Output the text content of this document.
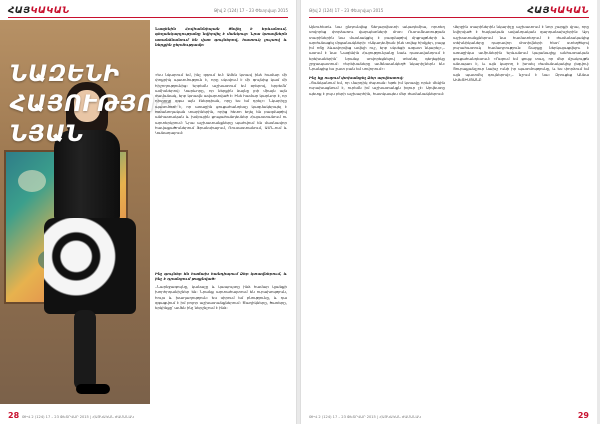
ՀԱՅԿԱԿԱՆ	Թիվ 2 (124) 17 – 23 Փետրվար 2015
ՆԱԶԵՆԻ
ՀԱՅՈՒԹՅՈՒ-
ՆՅԱՆ
Նազենին Հովհաննիսյան ծնվել է Երևանում, գեղանկարչությանը նվիրվել է մանկուց։ Նրա կտավներն առանձնանում են վառ գույներով, հատուկ լույսով և ներքին ջերմությամբ։
«Ես նկարում եմ, ինչ զգում եմ։ Ամեն կտավ ինձ համար մի փոքրիկ պատմություն է, որը սկսվում է մի գույնից կամ մի հիշողությունից։ Երբեմն աշխատում եմ օրերով, երբեմն՝ ամիսներով։ Կարևորը, որ ներքին ձայնը լռի միայն այն ժամանակ, երբ կտավն ավարտված է։ Ինձ համար կարևոր է, որ դիտողը զգա այն էներգիան, որը ես եմ դրել»։ Նկարիչը պատմում է, որ առաջին ցուցահանդեսը կազմակերպել է ուսանողական տարիներին, որից հետո եղել են բազմաթիվ անհատական և խմբային ցուցահանդեսներ Հայաստանում ու արտերկրում։ Նրա աշխատանքները պահվում են մասնավոր հավաքածուներում Ֆրանսիայում, Ռուսաստանում, ԱՄՆ-ում և Կանադայում։
Ինչ գույներ են հաճախ հանդիպում Ձեր կտավներում, և ինչ է դրանցում թաքնված։
–Նարնջագույնը, կանաչը և կապույտը ինձ համար կյանքի խորհրդանիշներ են։ Նրանք արտահայտում են ուրախություն, հույս և խաղաղություն։ Ես սիրում եմ բնությունը, և դա զգացվում է իմ բոլոր աշխատանքներում։ Ծաղիկները, ծառերը, երկինքը՝ ամեն ինչ ներշնչում է ինձ։
28 ԹԻՎ 2 (124) 17 – 23 ՓԵՏՐՎԱՐ 2015 | ՀԱՅԿԱԿԱՆ ԺԱՄԱՆԱԿ
Թիվ 2 (124) 17 – 23 Փետրվար 2015	ՀԱՅԿԱԿԱՆ
Այնուհետև նա ընդունվեց Գեղարվեստի ակադեմիա, որտեղ սովորեց փորձառու վարպետների մոտ։ Ուսումնառության տարիներին նա մասնակցել է բազմաթիվ մրցույթների և արժանացել մրցանակների։ «Ակադեմիան ինձ տվեց հիմքեր, բայց իմ ոճը ձևավորվեց ավելի ուշ, երբ սկսեցի ազատ նկարել»,– ասում է նա։ Նազենին Հայությունյանը նաև դասավանդում է երեխաներին՝ նրանց սովորեցնելով տեսնել գեղեցիկը շրջապատում։ «Երեխաները ամենաանկեղծ նկարիչներն են։ Նրանցից ես շատ բան եմ սովորում»։
Ինչ եք ուզում փոխանցել Ձեր արվեստով։
–Ցանկանում եմ, որ մարդիկ ժպտան։ Եթե իմ կտավը որևէ մեկին ուրախացնում է, ուրեմն իմ աշխատանքն իզուր չէ։ Արվեստը պետք է լույս բերի աշխարհին, հատկապես մեր ժամանակներում։
Վերջին տարիներին նկարիչը աշխատում է նոր շարքի վրա, որը նվիրված է հայկական ավանդական զարդանախշերին։ Այդ աշխատանքներում նա համատեղում է ժամանակակից տեխնիկաները դարավոր մոտիվների հետ՝ ստեղծելով յուրահատուկ համադրություն։ Շարքը ներկայացվելու է առաջիկա ամիսներին Երևանում կայանալիք անհատական ցուցահանդեսում։ «Ուզում եմ ցույց տալ, որ մեր մշակույթն անսպառ է, և այն կարող է խոսել ժամանակակից լեզվով։ Յուրաքանչյուր նախշ ունի իր պատմությունը, և ես փորձում եմ այն պատմել գույներով»,– նշում է նա։ Զրուցեց Աննա ԱՎԵՏԻՍՅԱՆԸ
ԹԻՎ 2 (124) 17 – 23 ՓԵՏՐՎԱՐ 2015 | ՀԱՅԿԱԿԱՆ ԺԱՄԱՆԱԿ	29
